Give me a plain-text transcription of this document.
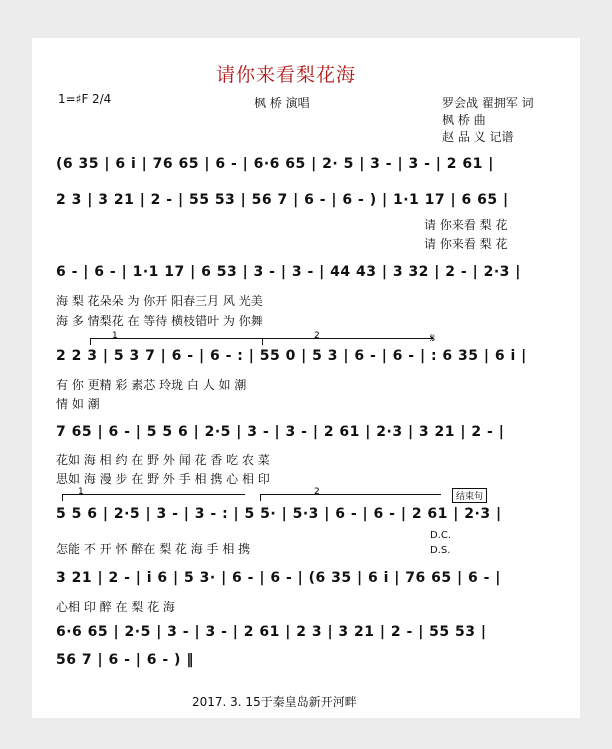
请你来看梨花海
1=♯F 2/4	枫 桥 演唱	罗会战 翟拥军 词
枫 桥 曲
赵 品 义 记谱
(6 35 | 6 i | 76 65 | 6 - | 6·6 65 | 2· 5 | 3 - | 3 - | 2 61 |
2 3 | 3 21 | 2 - | 55 53 | 56 7 | 6 - | 6 - ) | 1·1 17 | 6 65 |
请 你来看 梨 花
请 你来看 梨 花
6 - | 6 - | 1·1 17 | 6 53 | 3 - | 3 - | 44 43 | 3 32 | 2 - | 2·3 |
海 梨 花朵朵 为 你开 阳春三月 风 光美
海 多 情梨花 在 等待 横枝错叶 为 你舞
1	2	𝄋
2 2 3 | 5 3 7 | 6 - | 6 - : | 55 0 | 5 3 | 6 - | 6 - | : 6 35 | 6 i |
有 你 更精 彩 素芯 玲珑 白 人 如 潮
情 如 潮
7 65 | 6 - | 5 5 6 | 2·5 | 3 - | 3 - | 2 61 | 2·3 | 3 21 | 2 - |
花如 海 相 约 在 野 外 闻 花 香 吃 农 菜
思如 海 漫 步 在 野 外 手 相 携 心 相 印
1	2	结束句
5 5 6 | 2·5 | 3 - | 3 - : | 5 5· | 5·3 | 6 - | 6 - | 2 61 | 2·3 |
D.C.
D.S.
怎能 不 开 怀 醉在 梨 花 海 手 相 携
3 21 | 2 - | i 6 | 5 3· | 6 - | 6 - | (6 35 | 6 i | 76 65 | 6 - |
心相 印 醉 在 梨 花 海
6·6 65 | 2·5 | 3 - | 3 - | 2 61 | 2 3 | 3 21 | 2 - | 55 53 |
56 7 | 6 - | 6 - ) ‖
2017. 3. 15于秦皇岛新开河畔
